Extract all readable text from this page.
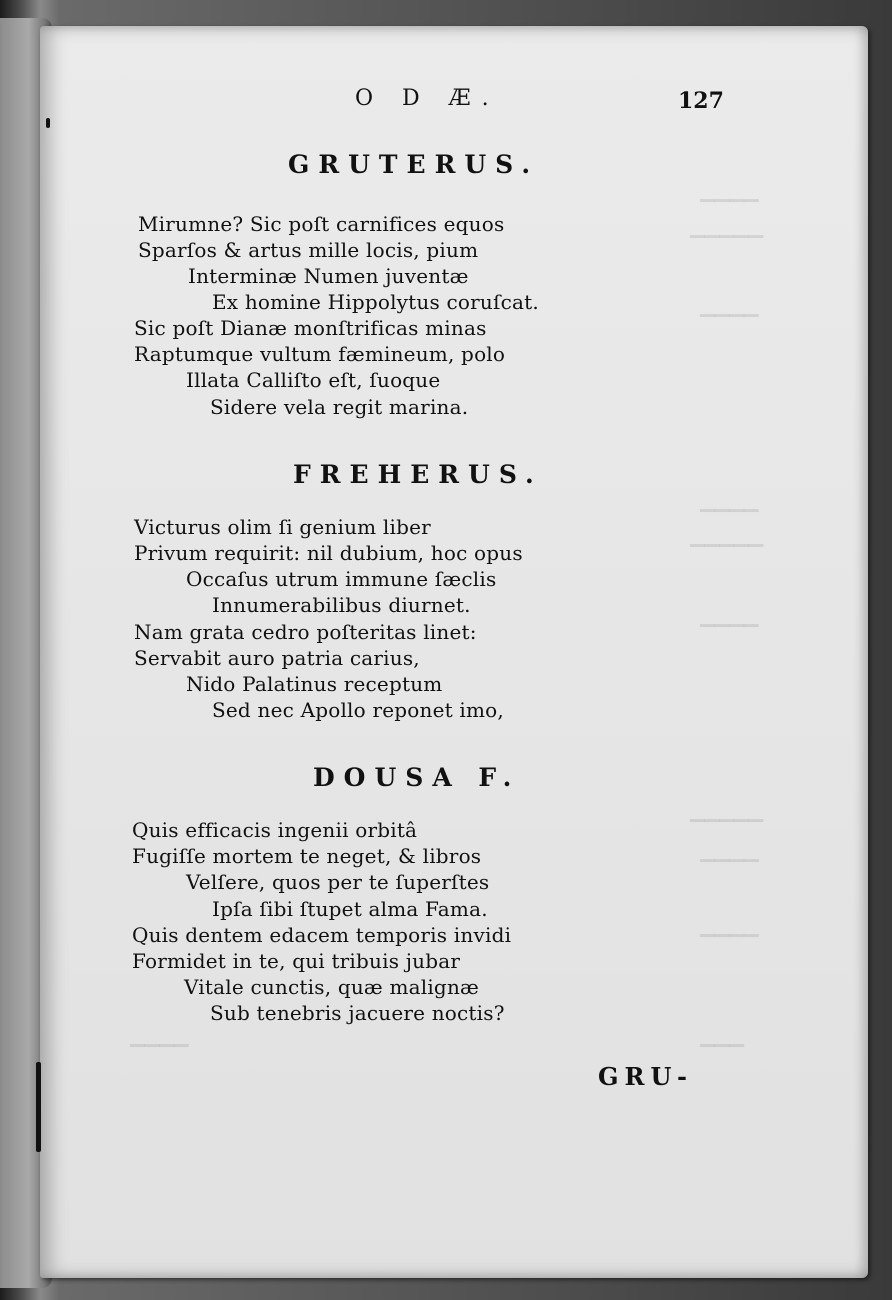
O D Æ.	127
GRUTERUS.
Mirumne? Sic poſt carnifices equos
Sparſos & artus mille locis, pium
Interminæ Numen juventæ
Ex homine Hippolytus coruſcat.
Sic poſt Dianæ monſtrificas minas
Raptumque vultum fæmineum, polo
Illata Calliſto eſt, ſuoque
Sidere vela regit marina.
FREHERUS.
Victurus olim ſi genium liber
Privum requirit: nil dubium, hoc opus
Occaſus utrum immune ſæclis
Innumerabilibus diurnet.
Nam grata cedro poſteritas linet:
Servabit auro patria carius,
Nido Palatinus receptum
Sed nec Apollo reponet imo,
DOUSA F.
Quis efficacis ingenii orbitâ
Fugiſſe mortem te neget, & libros
Velſere, quos per te ſuperſtes
Ipſa ſibi ſtupet alma Fama.
Quis dentem edacem temporis invidi
Formidet in te, qui tribuis jubar
Vitale cunctis, quæ malignæ
Sub tenebris jacuere noctis?
GRU-
